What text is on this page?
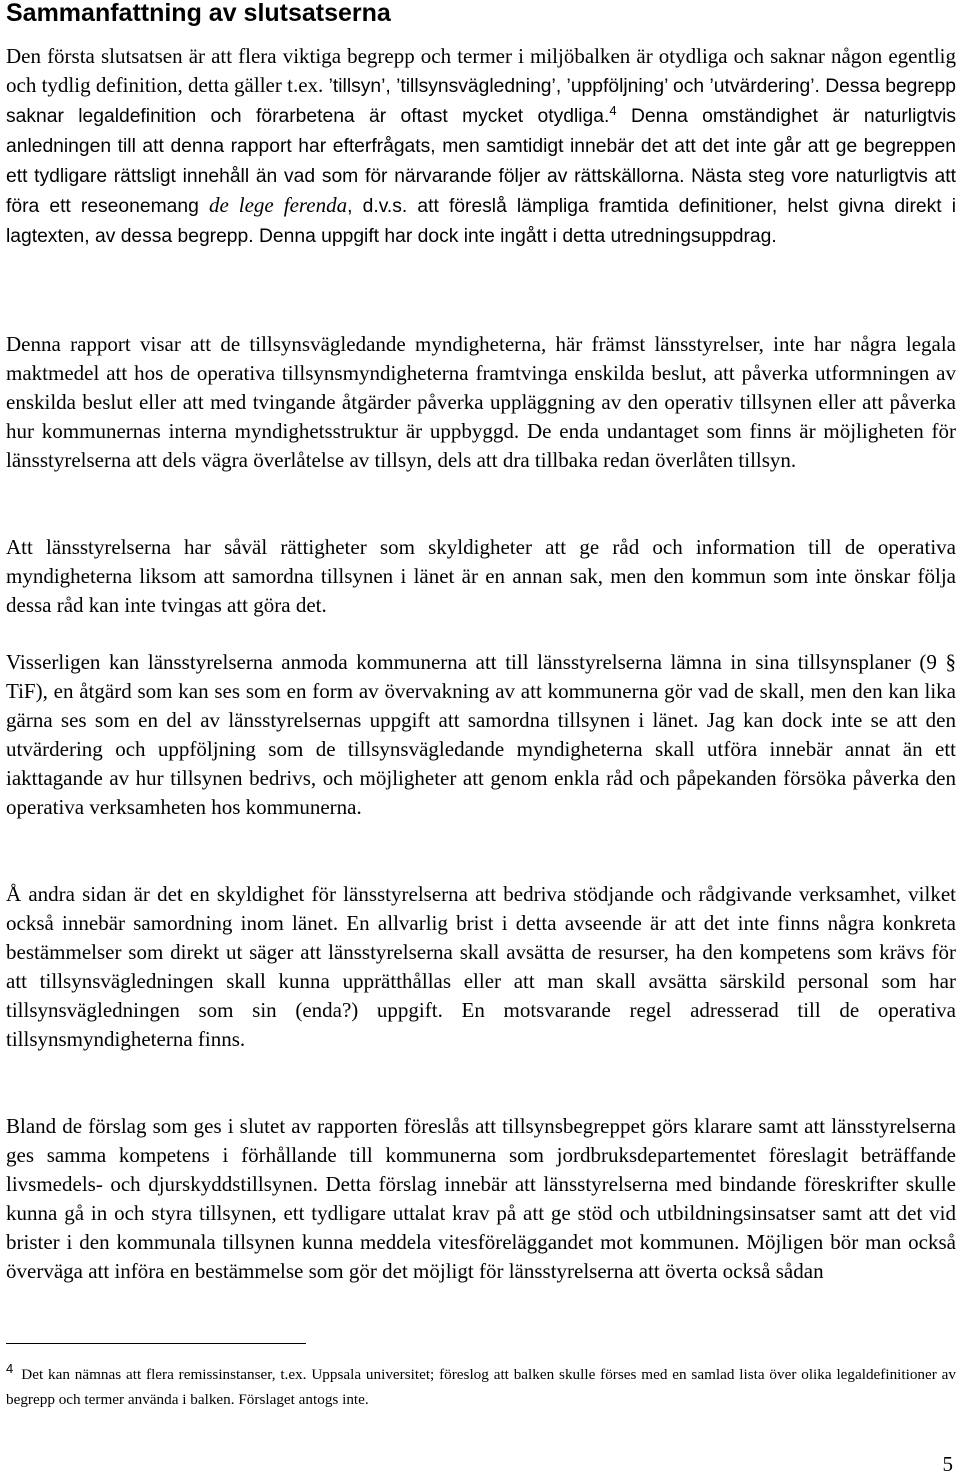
Sammanfattning av slutsatserna

Den första slutsatsen är att flera viktiga begrepp och termer i miljöbalken är otydliga och saknar någon egentlig och tydlig definition, detta gäller t.ex. ’tillsyn’, ’tillsynsvägledning’, ’uppföljning’ och ’utvärdering’. Dessa begrepp saknar legaldefinition och förarbetena är oftast mycket otydliga.$^4$ Denna omständighet är naturligtvis anledningen till att denna rapport har efterfrågats, men samtidigt innebär det att det inte går att ge begreppen ett tydligare rättsligt innehåll än vad som för närvarande följer av rättskällorna. Nästa steg vore naturligtvis att föra ett reseonemang de lege ferenda, d.v.s. att föreslå lämpliga framtida definitioner, helst givna direkt i lagtexten, av dessa begrepp. Denna uppgift har dock inte ingått i detta utredningsuppdrag.

Denna rapport visar att de tillsynsvägledande myndigheterna, här främst länsstyrelser, inte har några legala maktmedel att hos de operativa tillsynsmyndigheterna framtvinga enskilda beslut, att påverka utformningen av enskilda beslut eller att med tvingande åtgärder påverka uppläggning av den operativ tillsynen eller att påverka hur kommunernas interna myndighetsstruktur är uppbyggd. De enda undantaget som finns är möjligheten för länsstyrelserna att dels vägra överlåtelse av tillsyn, dels att dra tillbaka redan överlåten tillsyn.

Att länsstyrelserna har såväl rättigheter som skyldigheter att ge råd och information till de operativa myndigheterna liksom att samordna tillsynen i länet är en annan sak, men den kommun som inte önskar följa dessa råd kan inte tvingas att göra det.

Visserligen kan länsstyrelserna anmoda kommunerna att till länsstyrelserna lämna in sina tillsynsplaner (9 § TiF), en åtgärd som kan ses som en form av övervakning av att kommunerna gör vad de skall, men den kan lika gärna ses som en del av länsstyrelsernas uppgift att samordna tillsynen i länet. Jag kan dock inte se att den utvärdering och uppföljning som de tillsynsvägledande myndigheterna skall utföra innebär annat än ett iakttagande av hur tillsynen bedrivs, och möjligheter att genom enkla råd och påpekanden försöka påverka den operativa verksamheten hos kommunerna.

Å andra sidan är det en skyldighet för länsstyrelserna att bedriva stödjande och rådgivande verksamhet, vilket också innebär samordning inom länet. En allvarlig brist i detta avseende är att det inte finns några konkreta bestämmelser som direkt ut säger att länsstyrelserna skall avsätta de resurser, ha den kompetens som krävs för att tillsynsvägledningen skall kunna upprätthållas eller att man skall avsätta särskild personal som har tillsynsvägledningen som sin (enda?) uppgift. En motsvarande regel adresserad till de operativa tillsynsmyndigheterna finns.

Bland de förslag som ges i slutet av rapporten föreslås att tillsynsbegreppet görs klarare samt att länsstyrelserna ges samma kompetens i förhållande till kommunerna som jordbruksdepartementet föreslagit beträffande livsmedels- och djurskyddstillsynen. Detta förslag innebär att länsstyrelserna med bindande föreskrifter skulle kunna gå in och styra tillsynen, ett tydligare uttalat krav på att ge stöd och utbildningsinsatser samt att det vid brister i den kommunala tillsynen kunna meddela vitesföreläggandet mot kommunen. Möjligen bör man också överväga att införa en bestämmelse som gör det möjligt för länsstyrelserna att överta också sådan

4 Det kan nämnas att flera remissinstanser, t.ex. Uppsala universitet; föreslog att balken skulle förses med en samlad lista över olika legaldefinitioner av begrepp och termer använda i balken. Förslaget antogs inte.

5
